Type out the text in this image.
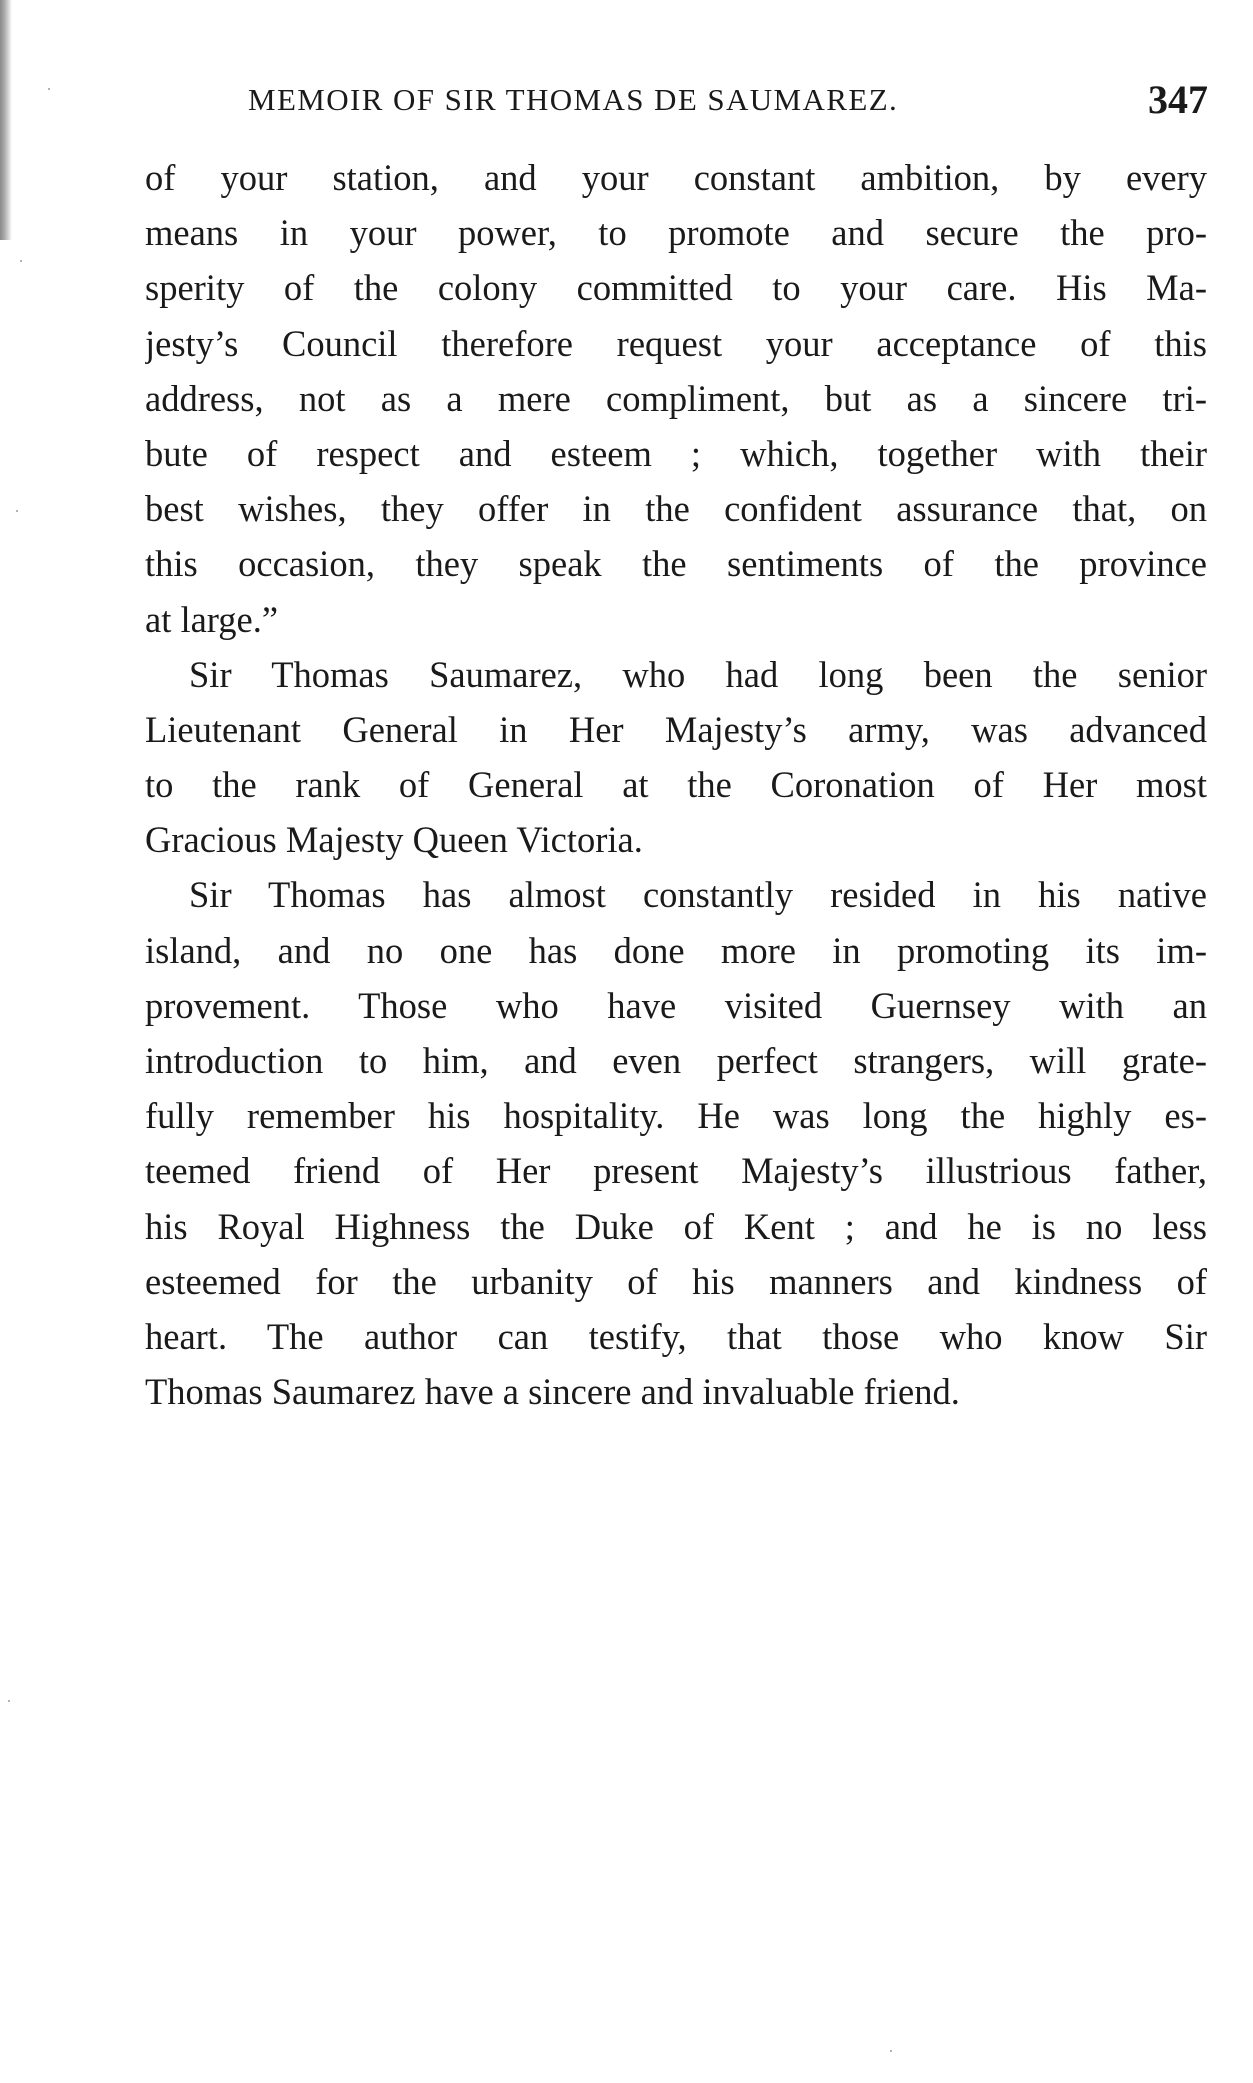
MEMOIR OF SIR THOMAS DE SAUMAREZ.	347
of your station, and your constant ambition, by every
means in your power, to promote and secure the pro-
sperity of the colony committed to your care. His Ma-
jesty’s Council therefore request your acceptance of this
address, not as a mere compliment, but as a sincere tri-
bute of respect and esteem ; which, together with their
best wishes, they offer in the confident assurance that, on
this occasion, they speak the sentiments of the province
at large.”
Sir Thomas Saumarez, who had long been the senior
Lieutenant General in Her Majesty’s army, was advanced
to the rank of General at the Coronation of Her most
Gracious Majesty Queen Victoria.
Sir Thomas has almost constantly resided in his native
island, and no one has done more in promoting its im-
provement. Those who have visited Guernsey with an
introduction to him, and even perfect strangers, will grate-
fully remember his hospitality. He was long the highly es-
teemed friend of Her present Majesty’s illustrious father,
his Royal Highness the Duke of Kent ; and he is no less
esteemed for the urbanity of his manners and kindness of
heart. The author can testify, that those who know Sir
Thomas Saumarez have a sincere and invaluable friend.
